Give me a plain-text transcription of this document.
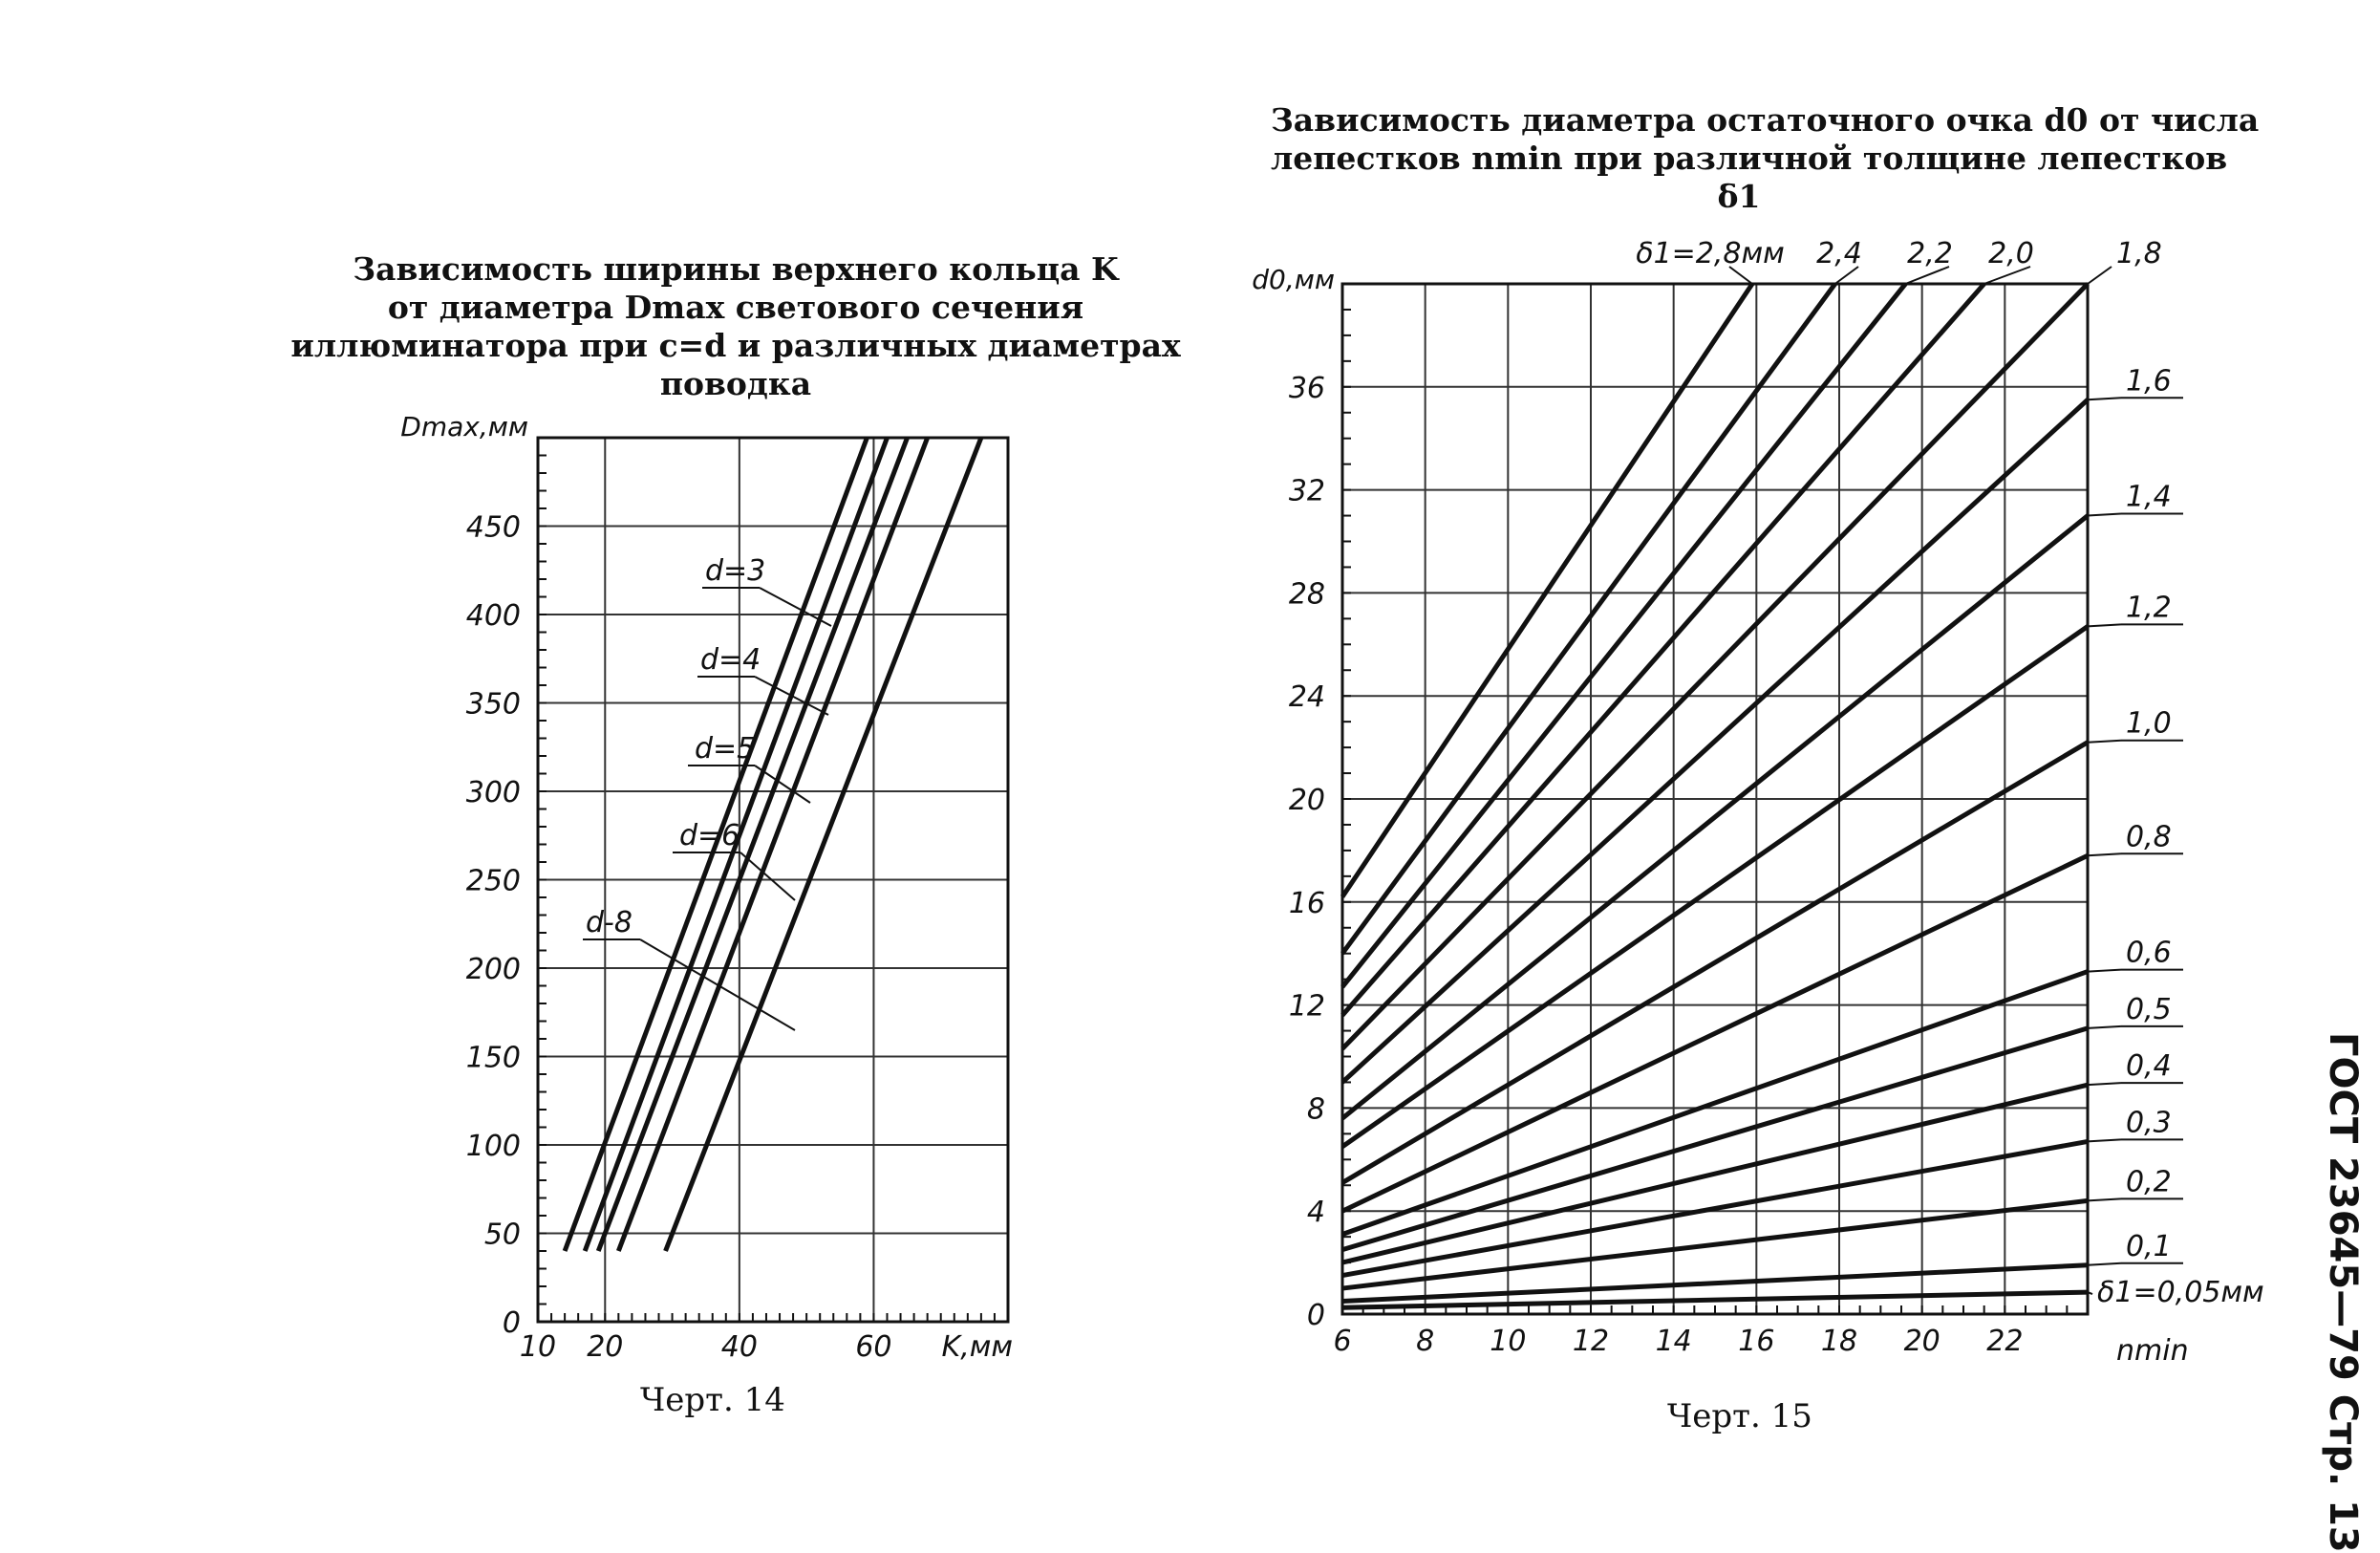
Зависимость ширины верхнего кольца K
от диаметра Dmax светового сечения
иллюминатора при c=d и различных диаметрах
поводка
Зависимость диаметра остаточного очка d0 от числа
лепестков nmin при различной толщине лепестков
δ1
Черт. 14	Черт. 15	ГОСТ 23645—79 Стр. 13
10 20	40	60
0
50
100
150
200
250
300
350
400
450
K,мм
Dmax,мм
d=3
d=4
d=5
d=6
d-8
6 8 10 12 14 16 18 20 22
0
4
8
12
16
20
24
28
32
36
nmin
d0,мм
δ1=2,8мм 2,4 2,2 2,0	1,8
1,6
1,4
1,2
1,0
0,8
0,6
0,5
0,4
0,3
0,2
0,1
δ1=0,05мм
